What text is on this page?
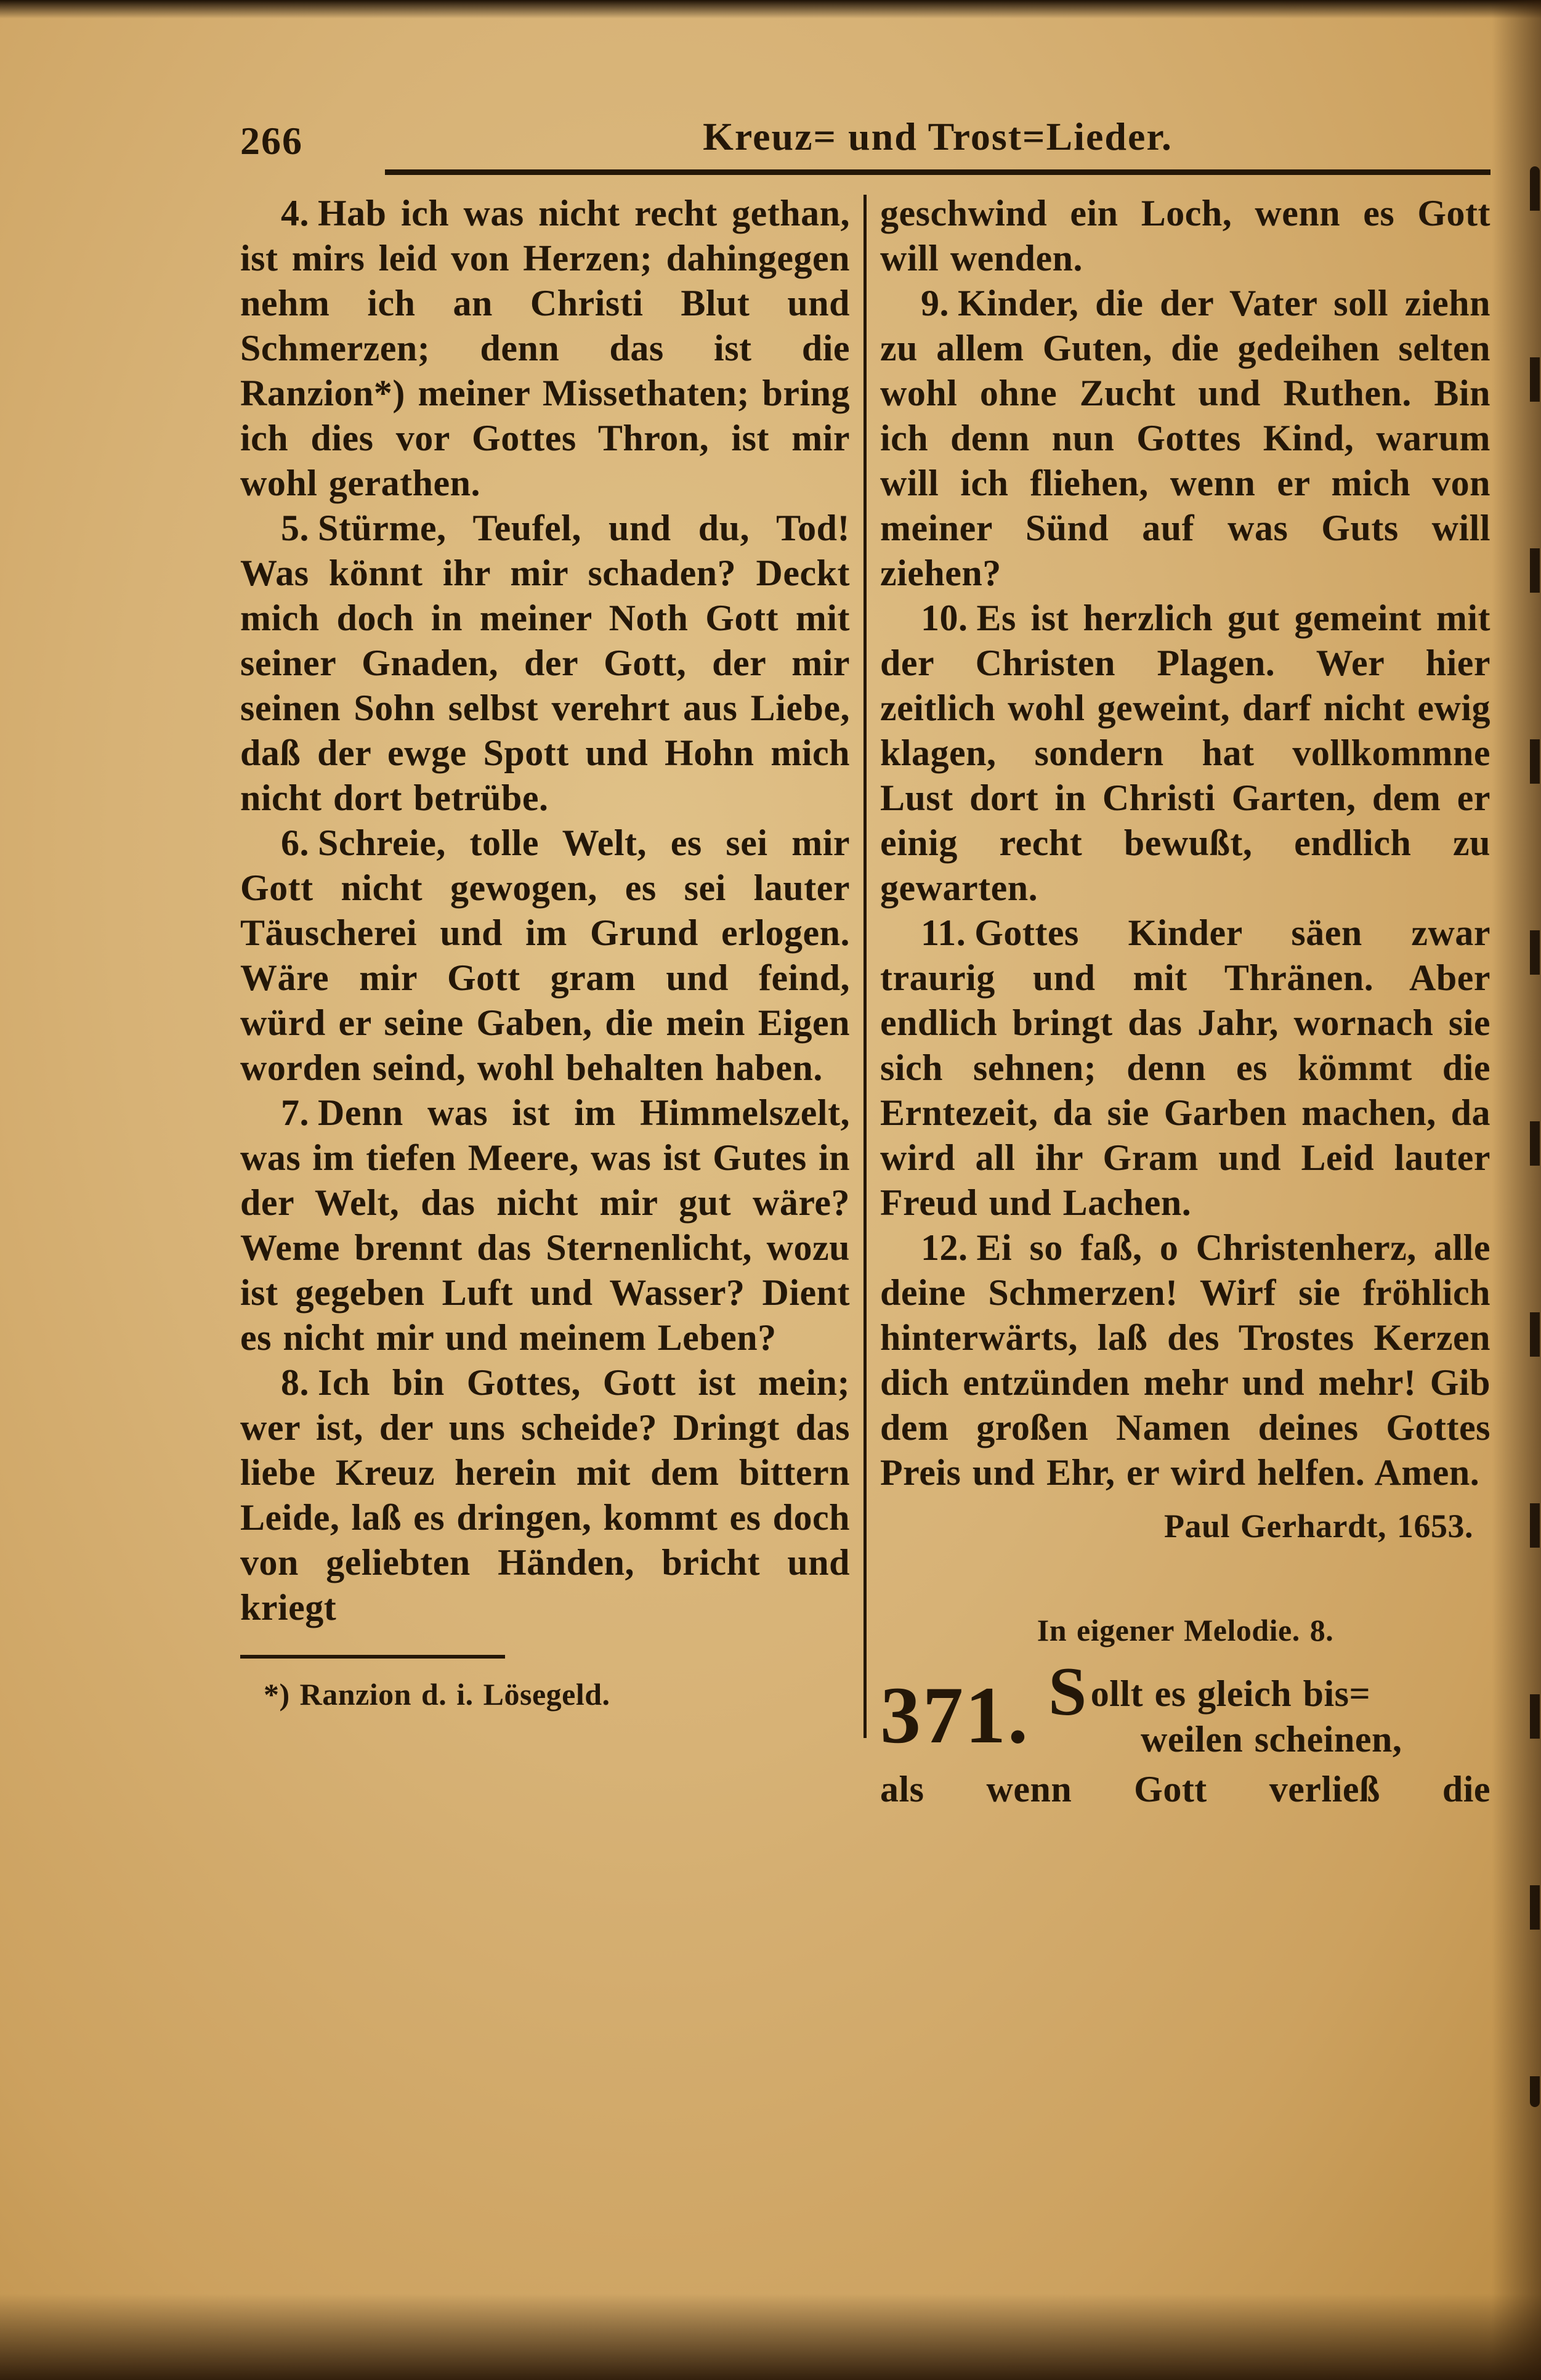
266	Kreuz= und Trost=Lieder.

4. Hab ich was nicht recht gethan, ist mirs leid von Herzen; dahingegen nehm ich an Christi Blut und Schmerzen; denn das ist die Ranzion*) meiner Missethaten; bring ich dies vor Gottes Thron, ist mir wohl gerathen.

5. Stürme, Teufel, und du, Tod! Was könnt ihr mir schaden? Deckt mich doch in meiner Noth Gott mit seiner Gnaden, der Gott, der mir seinen Sohn selbst verehrt aus Liebe, daß der ewge Spott und Hohn mich nicht dort betrübe.

6. Schreie, tolle Welt, es sei mir Gott nicht gewogen, es sei lauter Täuscherei und im Grund erlogen. Wäre mir Gott gram und feind, würd er seine Gaben, die mein Eigen worden seind, wohl behalten haben.

7. Denn was ist im Himmelszelt, was im tiefen Meere, was ist Gutes in der Welt, das nicht mir gut wäre? Weme brennt das Sternenlicht, wozu ist gegeben Luft und Wasser? Dient es nicht mir und meinem Leben?

8. Ich bin Gottes, Gott ist mein; wer ist, der uns scheide? Dringt das liebe Kreuz herein mit dem bittern Leide, laß es dringen, kommt es doch von geliebten Händen, bricht und kriegt

*) Ranzion d. i. Lösegeld.

geschwind ein Loch, wenn es Gott will wenden.

9. Kinder, die der Vater soll ziehn zu allem Guten, die gedeihen selten wohl ohne Zucht und Ruthen. Bin ich denn nun Gottes Kind, warum will ich fliehen, wenn er mich von meiner Sünd auf was Guts will ziehen?

10. Es ist herzlich gut gemeint mit der Christen Plagen. Wer hier zeitlich wohl geweint, darf nicht ewig klagen, sondern hat vollkommne Lust dort in Christi Garten, dem er einig recht bewußt, endlich zu gewarten.

11. Gottes Kinder säen zwar traurig und mit Thränen. Aber endlich bringt das Jahr, wornach sie sich sehnen; denn es kömmt die Erntezeit, da sie Garben machen, da wird all ihr Gram und Leid lauter Freud und Lachen.

12. Ei so faß, o Christenherz, alle deine Schmerzen! Wirf sie fröhlich hinterwärts, laß des Trostes Kerzen dich entzünden mehr und mehr! Gib dem großen Namen deines Gottes Preis und Ehr, er wird helfen. Amen.

Paul Gerhardt, 1653.

In eigener Melodie. 8.

371. Sollt es gleich bis=
weilen scheinen,

als wenn Gott verließ die
